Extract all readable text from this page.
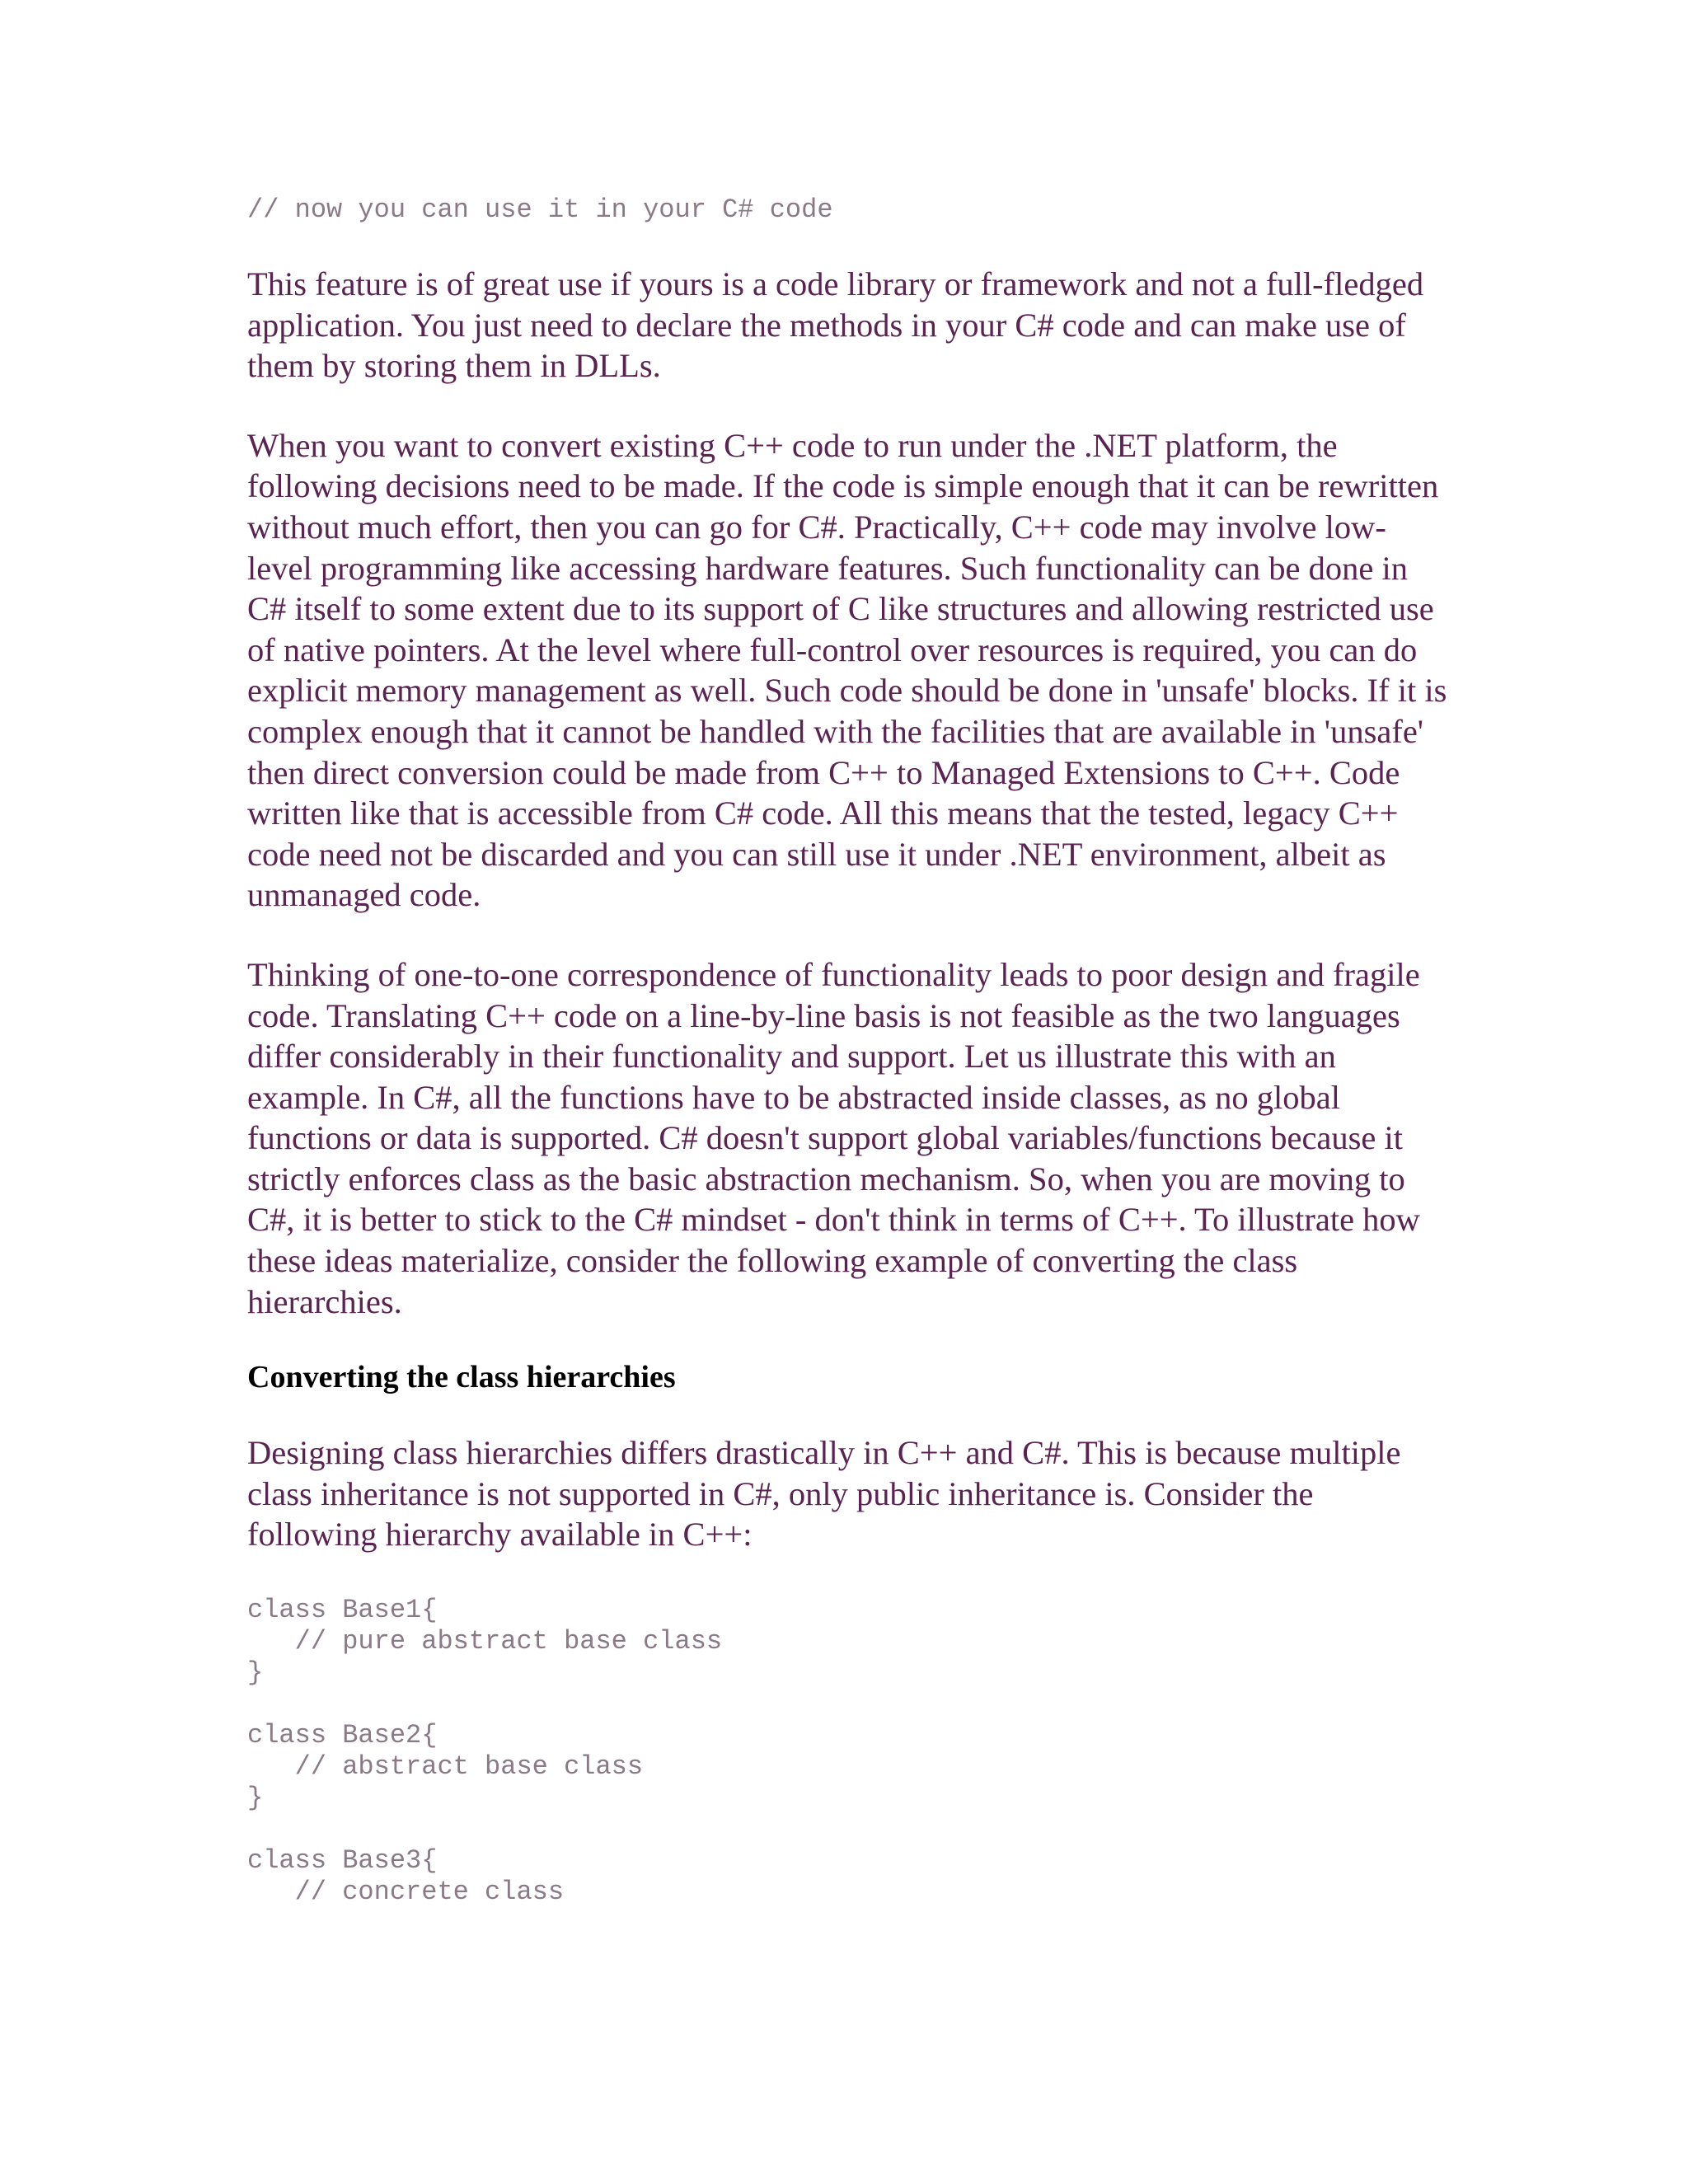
// now you can use it in your C# code

This feature is of great use if yours is a code library or framework and not a full-fledged application. You just need to declare the methods in your C# code and can make use of them by storing them in DLLs.

When you want to convert existing C++ code to run under the .NET platform, the following decisions need to be made. If the code is simple enough that it can be rewritten without much effort, then you can go for C#. Practically, C++ code may involve low-level programming like accessing hardware features. Such functionality can be done in C# itself to some extent due to its support of C like structures and allowing restricted use of native pointers. At the level where full-control over resources is required, you can do explicit memory management as well. Such code should be done in 'unsafe' blocks. If it is complex enough that it cannot be handled with the facilities that are available in 'unsafe' then direct conversion could be made from C++ to Managed Extensions to C++. Code written like that is accessible from C# code. All this means that the tested, legacy C++ code need not be discarded and you can still use it under .NET environment, albeit as unmanaged code.

Thinking of one-to-one correspondence of functionality leads to poor design and fragile code. Translating C++ code on a line-by-line basis is not feasible as the two languages differ considerably in their functionality and support. Let us illustrate this with an example. In C#, all the functions have to be abstracted inside classes, as no global functions or data is supported. C# doesn't support global variables/functions because it strictly enforces class as the basic abstraction mechanism. So, when you are moving to C#, it is better to stick to the C# mindset - don't think in terms of C++. To illustrate how these ideas materialize, consider the following example of converting the class hierarchies.

Converting the class hierarchies

Designing class hierarchies differs drastically in C++ and C#. This is because multiple class inheritance is not supported in C#, only public inheritance is. Consider the following hierarchy available in C++:

class Base1{
// pure abstract base class
}

class Base2{
// abstract base class
}

class Base3{
// concrete class
